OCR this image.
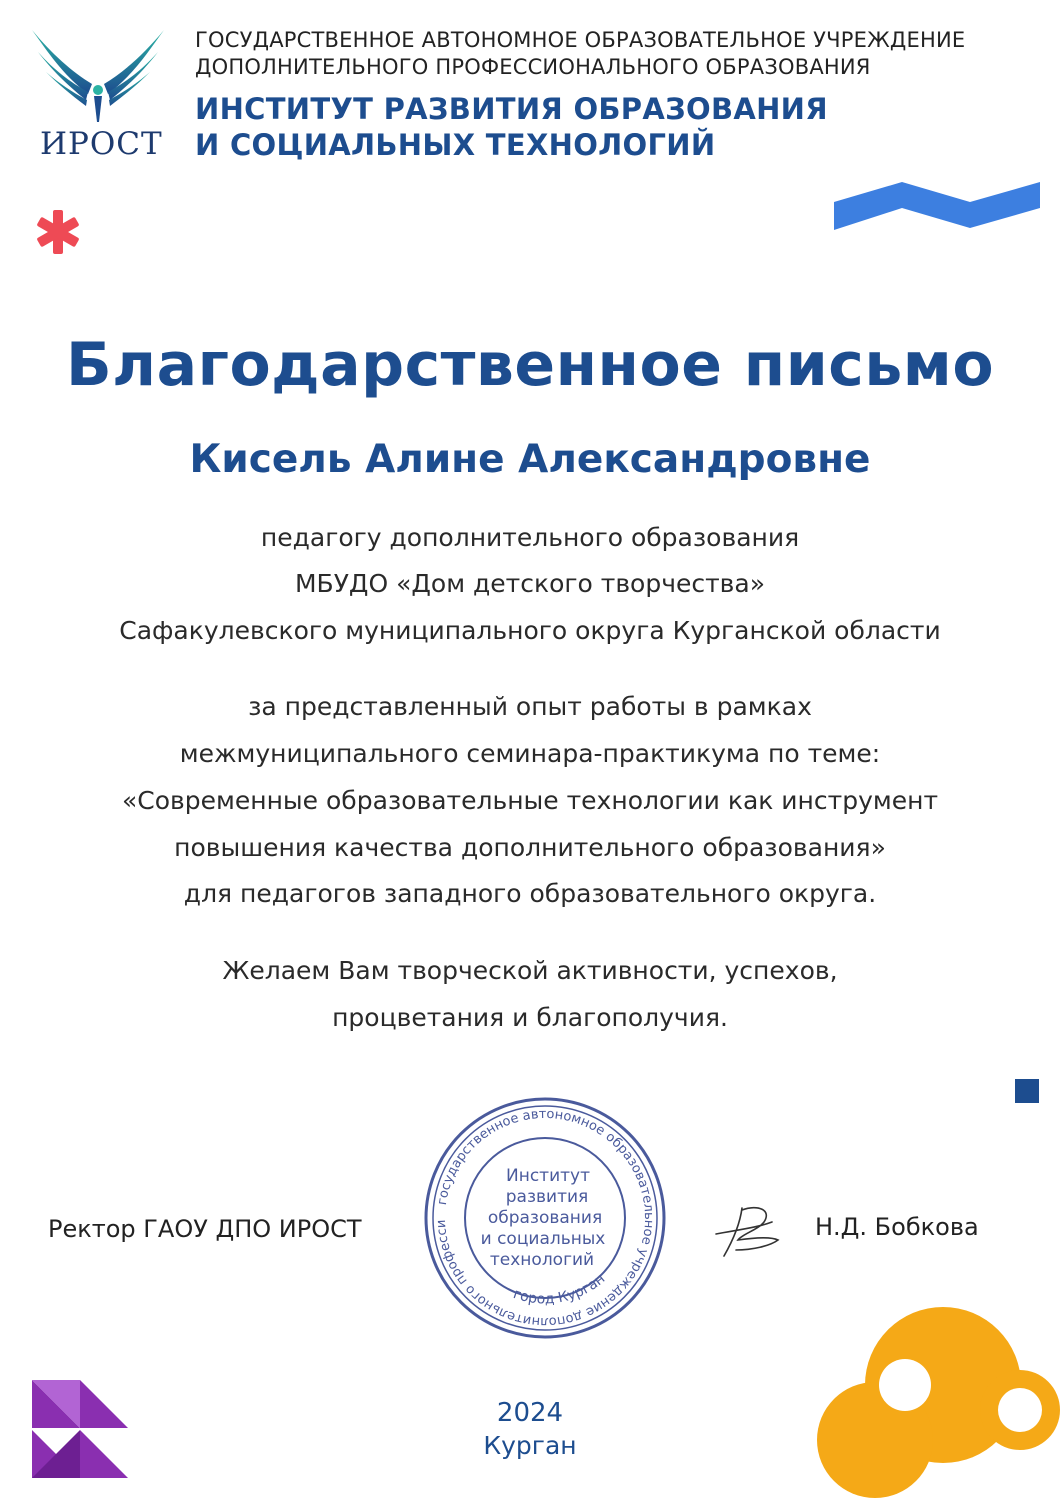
ИРОСТ
ГОСУДАРСТВЕННОЕ АВТОНОМНОЕ ОБРАЗОВАТЕЛЬНОЕ УЧРЕЖДЕНИЕ
ДОПОЛНИТЕЛЬНОГО ПРОФЕССИОНАЛЬНОГО ОБРАЗОВАНИЯ
ИНСТИТУТ РАЗВИТИЯ ОБРАЗОВАНИЯ
И СОЦИАЛЬНЫХ ТЕХНОЛОГИЙ
Благодарственное письмо
Кисель Алине Александровне
педагогу дополнительного образования
МБУДО «Дом детского творчества»
Сафакулевского муниципального округа Курганской области
за представленный опыт работы в рамках
межмуниципального семинара-практикума по теме:
«Современные образовательные технологии как инструмент
повышения качества дополнительного образования»
для педагогов западного образовательного округа.
Желаем Вам творческой активности, успехов,
процветания и благополучия.
Ректор ГАОУ ДПО ИРОСТ
государственное автономное образовательное учреждение дополнительного професси
город Курган
Институт
развития
образования
и социальных
технологий
Н.Д. Бобкова
2024
Курган
